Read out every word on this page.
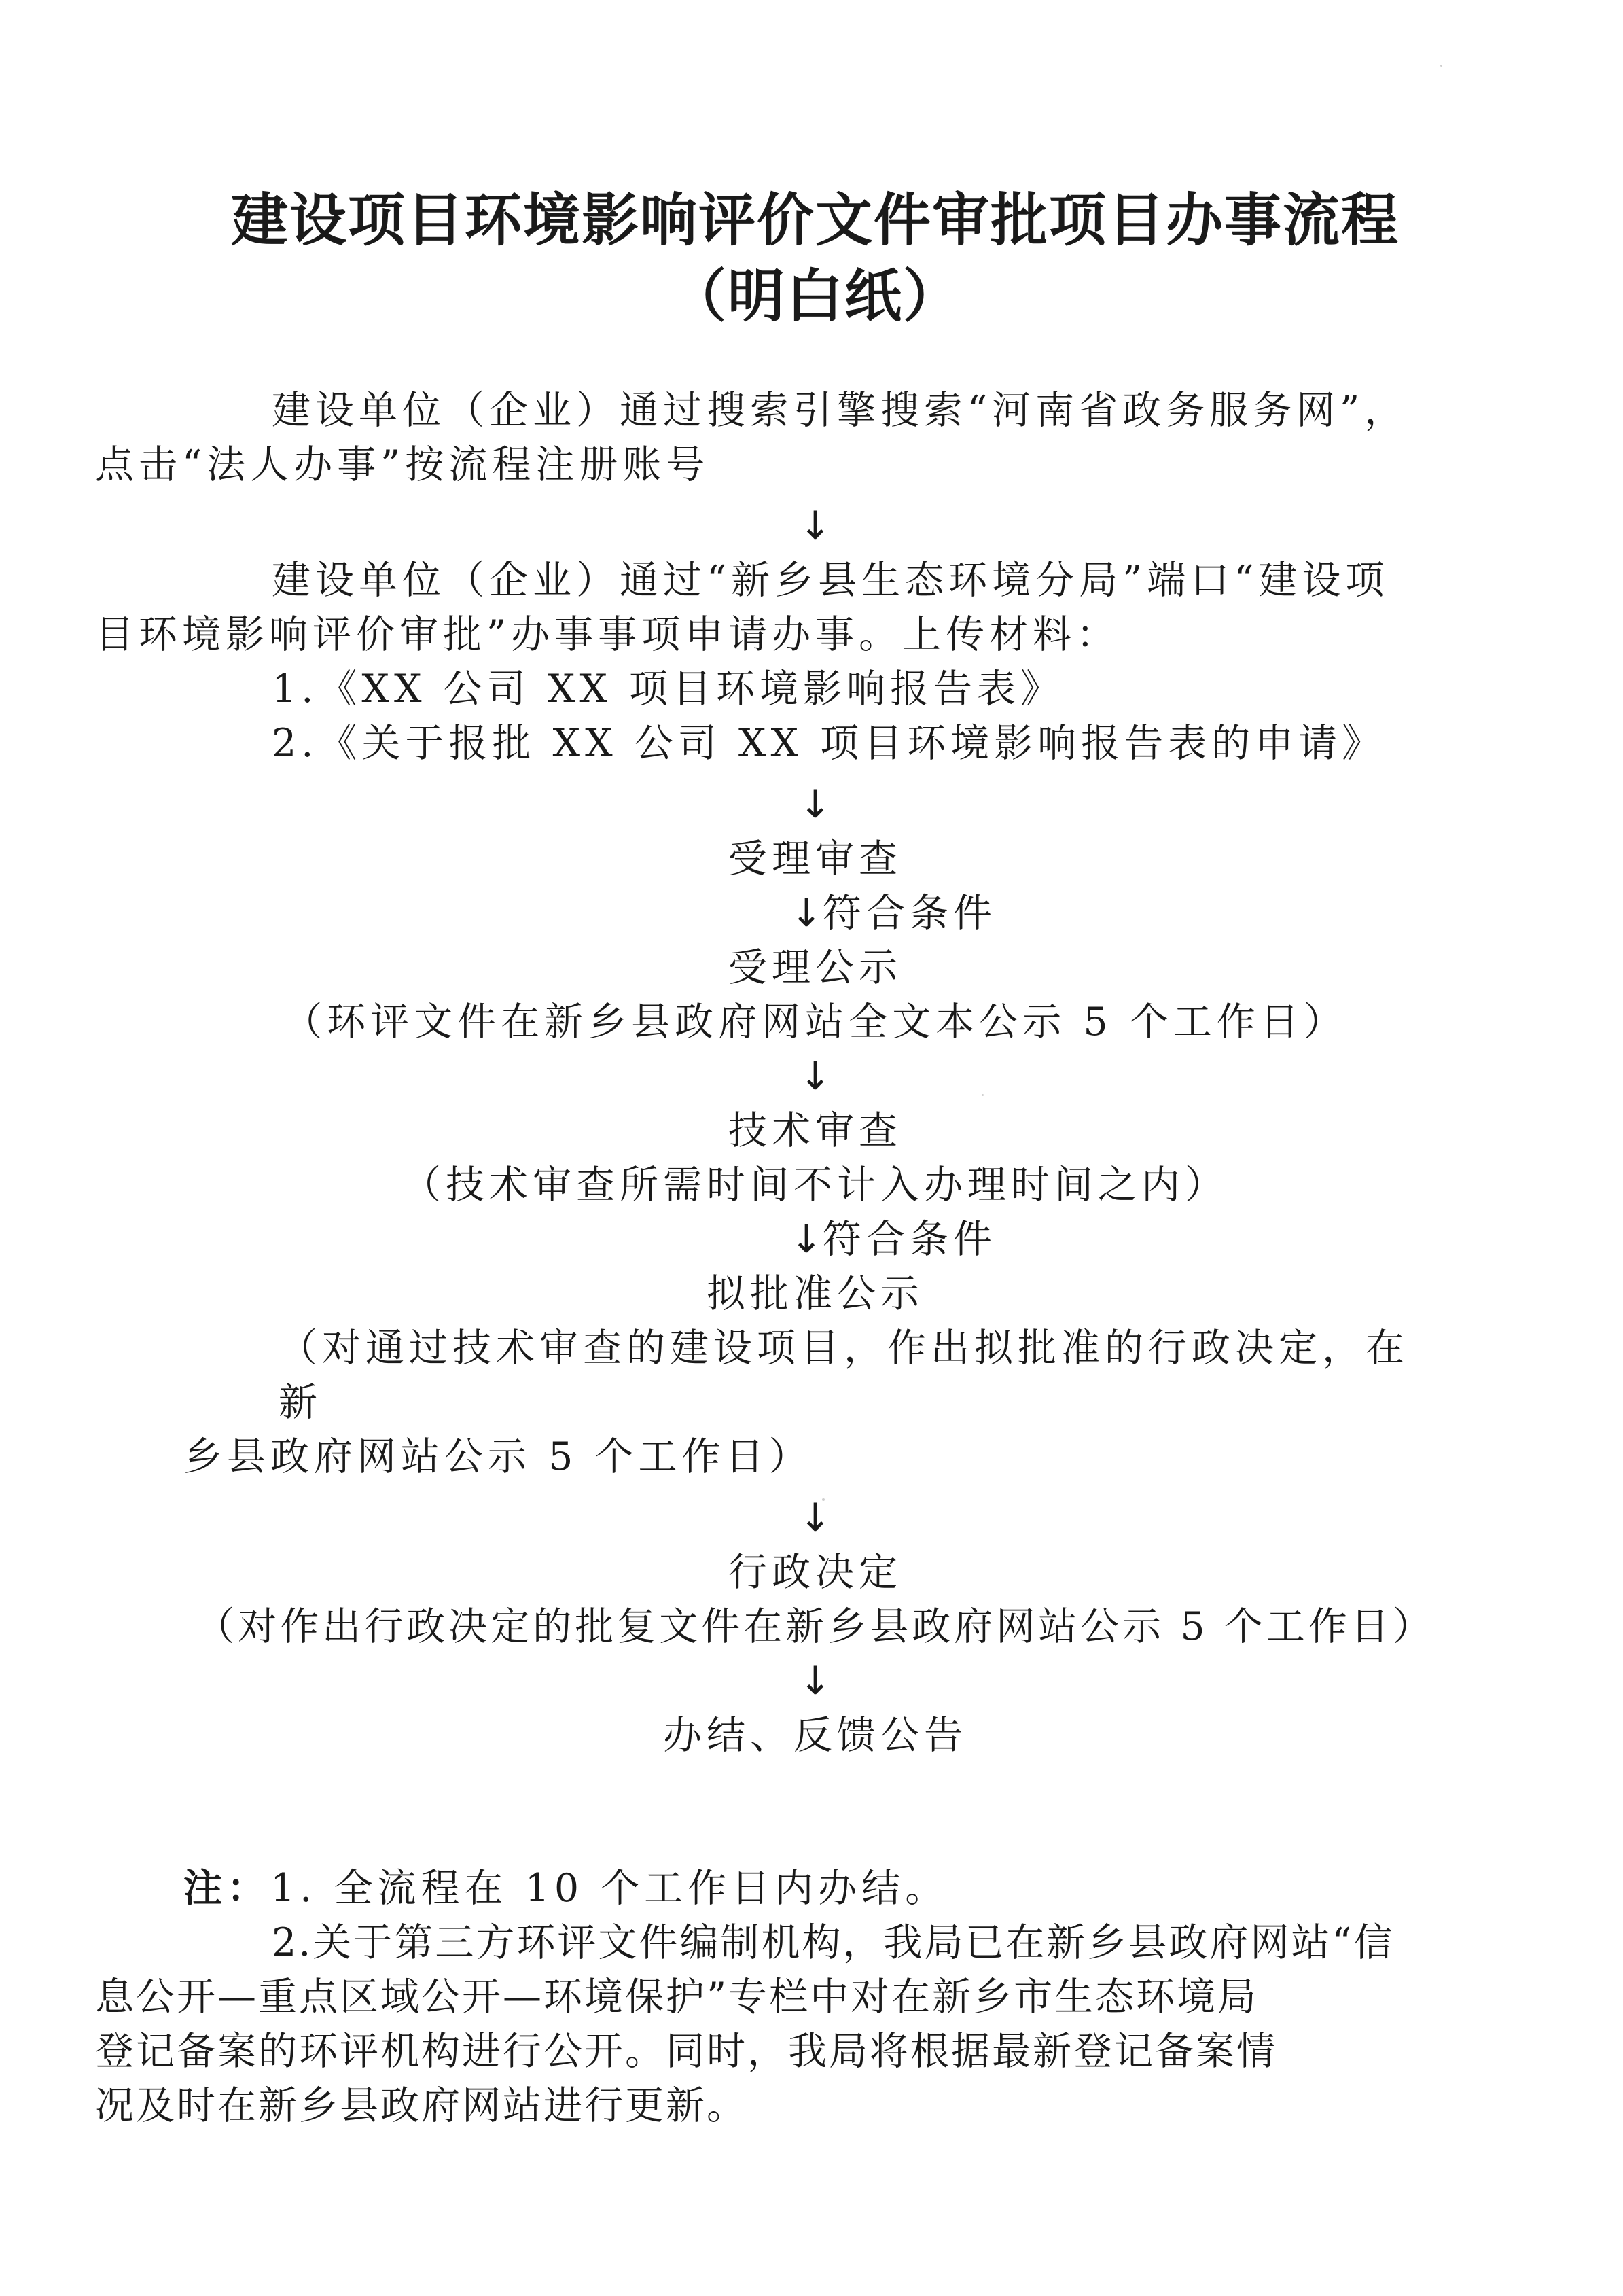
建设项目环境影响评价文件审批项目办事流程
（明白纸）

建设单位（企业）通过搜索引擎搜索“河南省政务服务网”，
点击“法人办事”按流程注册账号

↓

建设单位（企业）通过“新乡县生态环境分局”端口“建设项
目环境影响评价审批”办事事项申请办事。上传材料：

1.《XX 公司 XX 项目环境影响报告表》

2.《关于报批 XX 公司 XX 项目环境影响报告表的申请》

↓

受理审查

↓符合条件

受理公示

（环评文件在新乡县政府网站全文本公示 5 个工作日）

↓

技术审查

（技术审查所需时间不计入办理时间之内）

↓符合条件

拟批准公示

（对通过技术审查的建设项目，作出拟批准的行政决定，在新
乡县政府网站公示 5 个工作日）

↓

行政决定

（对作出行政决定的批复文件在新乡县政府网站公示 5 个工作日）

↓

办结、反馈公告

注：1. 全流程在 10 个工作日内办结。

2.关于第三方环评文件编制机构，我局已在新乡县政府网站“信
息公开—重点区域公开—环境保护”专栏中对在新乡市生态环境局
登记备案的环评机构进行公开。同时，我局将根据最新登记备案情
况及时在新乡县政府网站进行更新。
